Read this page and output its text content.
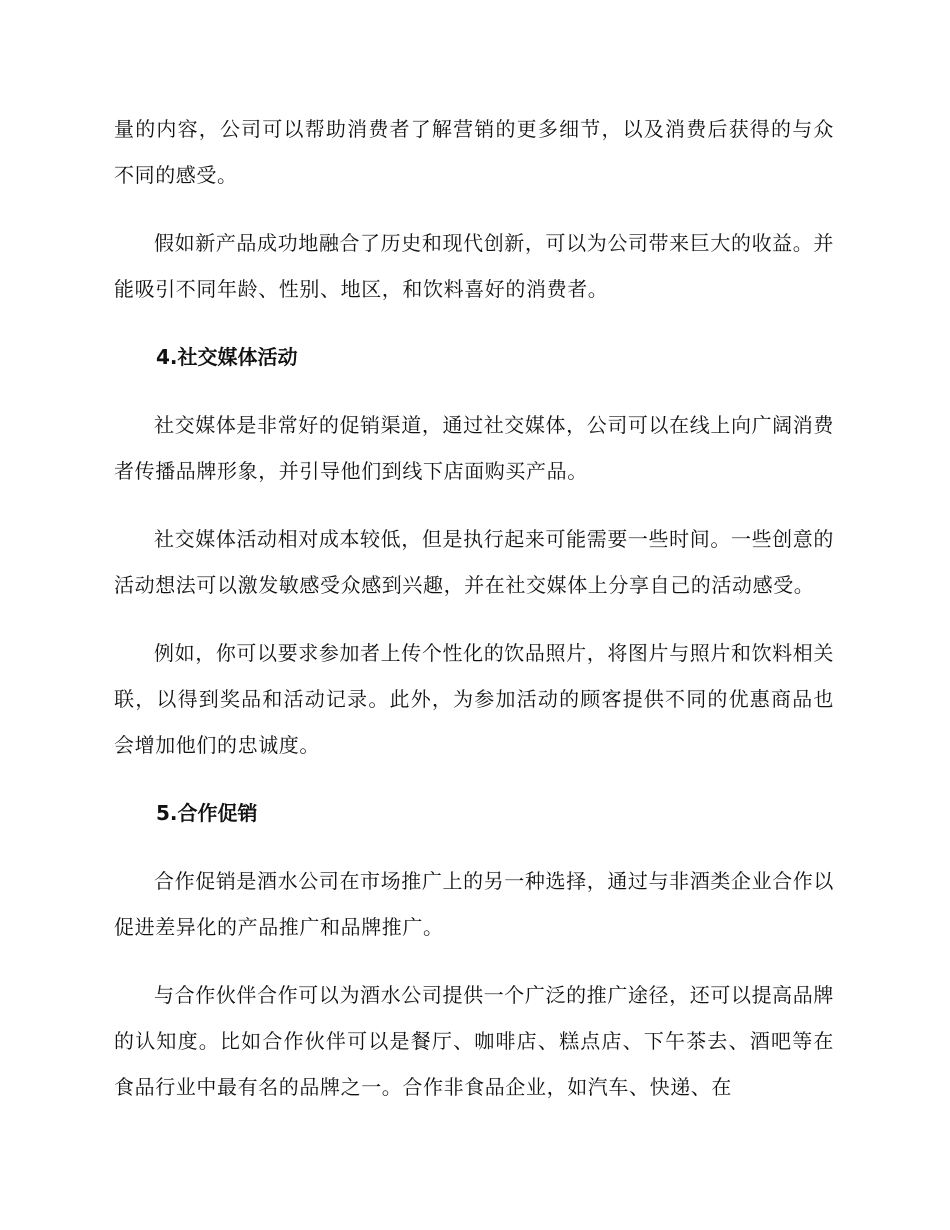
量的内容，公司可以帮助消费者了解营销的更多细节，以及消费后获得的与众不同的感受。

假如新产品成功地融合了历史和现代创新，可以为公司带来巨大的收益。并能吸引不同年龄、性别、地区，和饮料喜好的消费者。

4.社交媒体活动

社交媒体是非常好的促销渠道，通过社交媒体，公司可以在线上向广阔消费者传播品牌形象，并引导他们到线下店面购买产品。

社交媒体活动相对成本较低，但是执行起来可能需要一些时间。一些创意的活动想法可以激发敏感受众感到兴趣，并在社交媒体上分享自己的活动感受。

例如，你可以要求参加者上传个性化的饮品照片，将图片与照片和饮料相关联，以得到奖品和活动记录。此外，为参加活动的顾客提供不同的优惠商品也会增加他们的忠诚度。

5.合作促销

合作促销是酒水公司在市场推广上的另一种选择，通过与非酒类企业合作以促进差异化的产品推广和品牌推广。

与合作伙伴合作可以为酒水公司提供一个广泛的推广途径，还可以提高品牌的认知度。比如合作伙伴可以是餐厅、咖啡店、糕点店、下午茶去、酒吧等在食品行业中最有名的品牌之一。合作非食品企业，如汽车、快递、在
